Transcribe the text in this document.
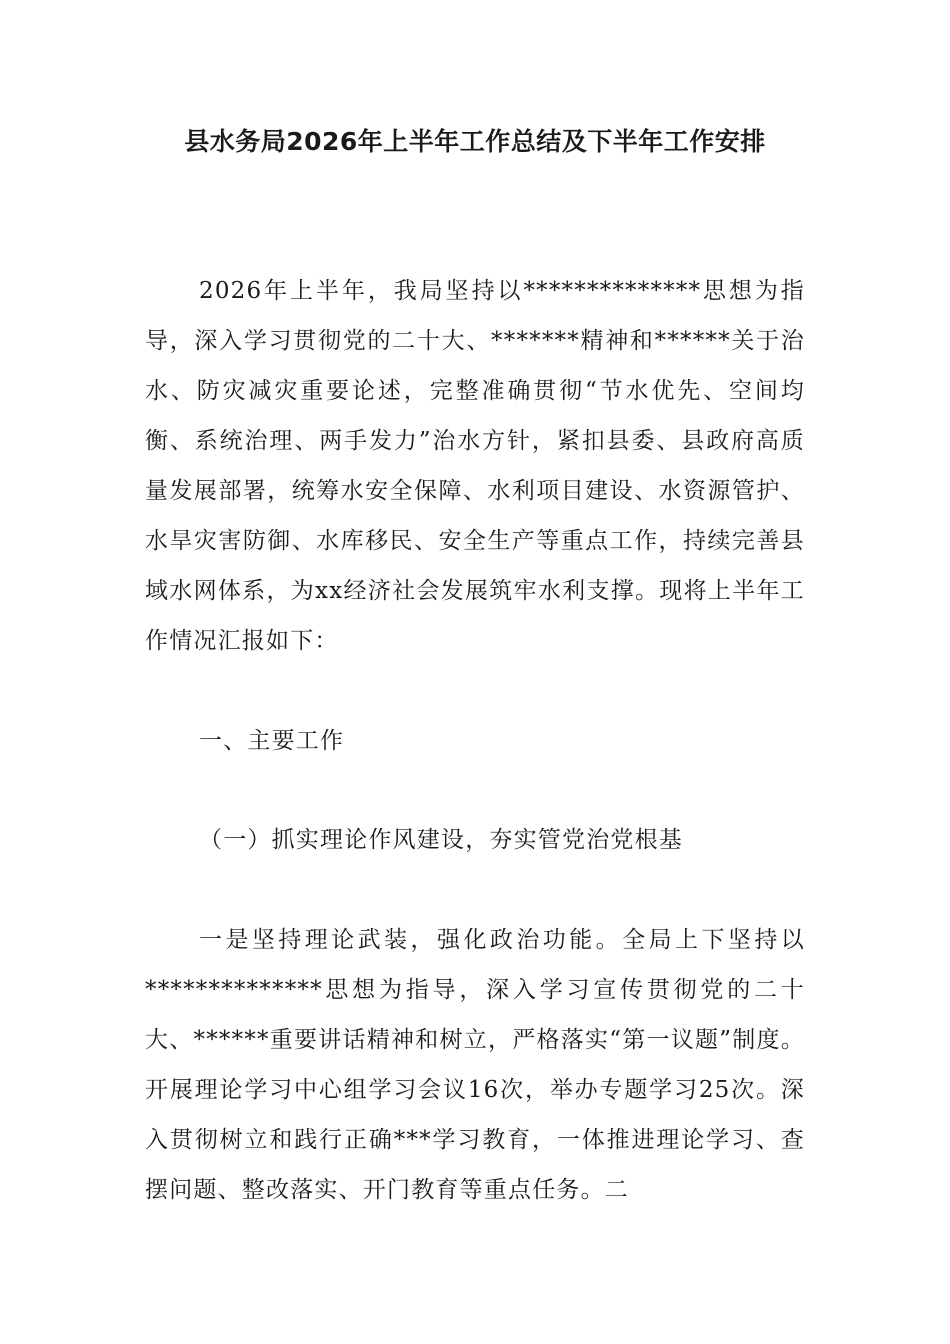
县水务局2026年上半年工作总结及下半年工作安排

2026年上半年，我局坚持以**************思想为指导，深入学习贯彻党的二十大、*******精神和******关于治水、防灾减灾重要论述，完整准确贯彻“节水优先、空间均衡、系统治理、两手发力”治水方针，紧扣县委、县政府高质量发展部署，统筹水安全保障、水利项目建设、水资源管护、水旱灾害防御、水库移民、安全生产等重点工作，持续完善县域水网体系，为xx经济社会发展筑牢水利支撑。现将上半年工作情况汇报如下：

一、主要工作

（一）抓实理论作风建设，夯实管党治党根基

一是坚持理论武装，强化政治功能。全局上下坚持以**************思想为指导，深入学习宣传贯彻党的二十大、******重要讲话精神和树立，严格落实“第一议题”制度。开展理论学习中心组学习会议16次，举办专题学习25次。深入贯彻树立和践行正确***学习教育，一体推进理论学习、查摆问题、整改落实、开门教育等重点任务。二
